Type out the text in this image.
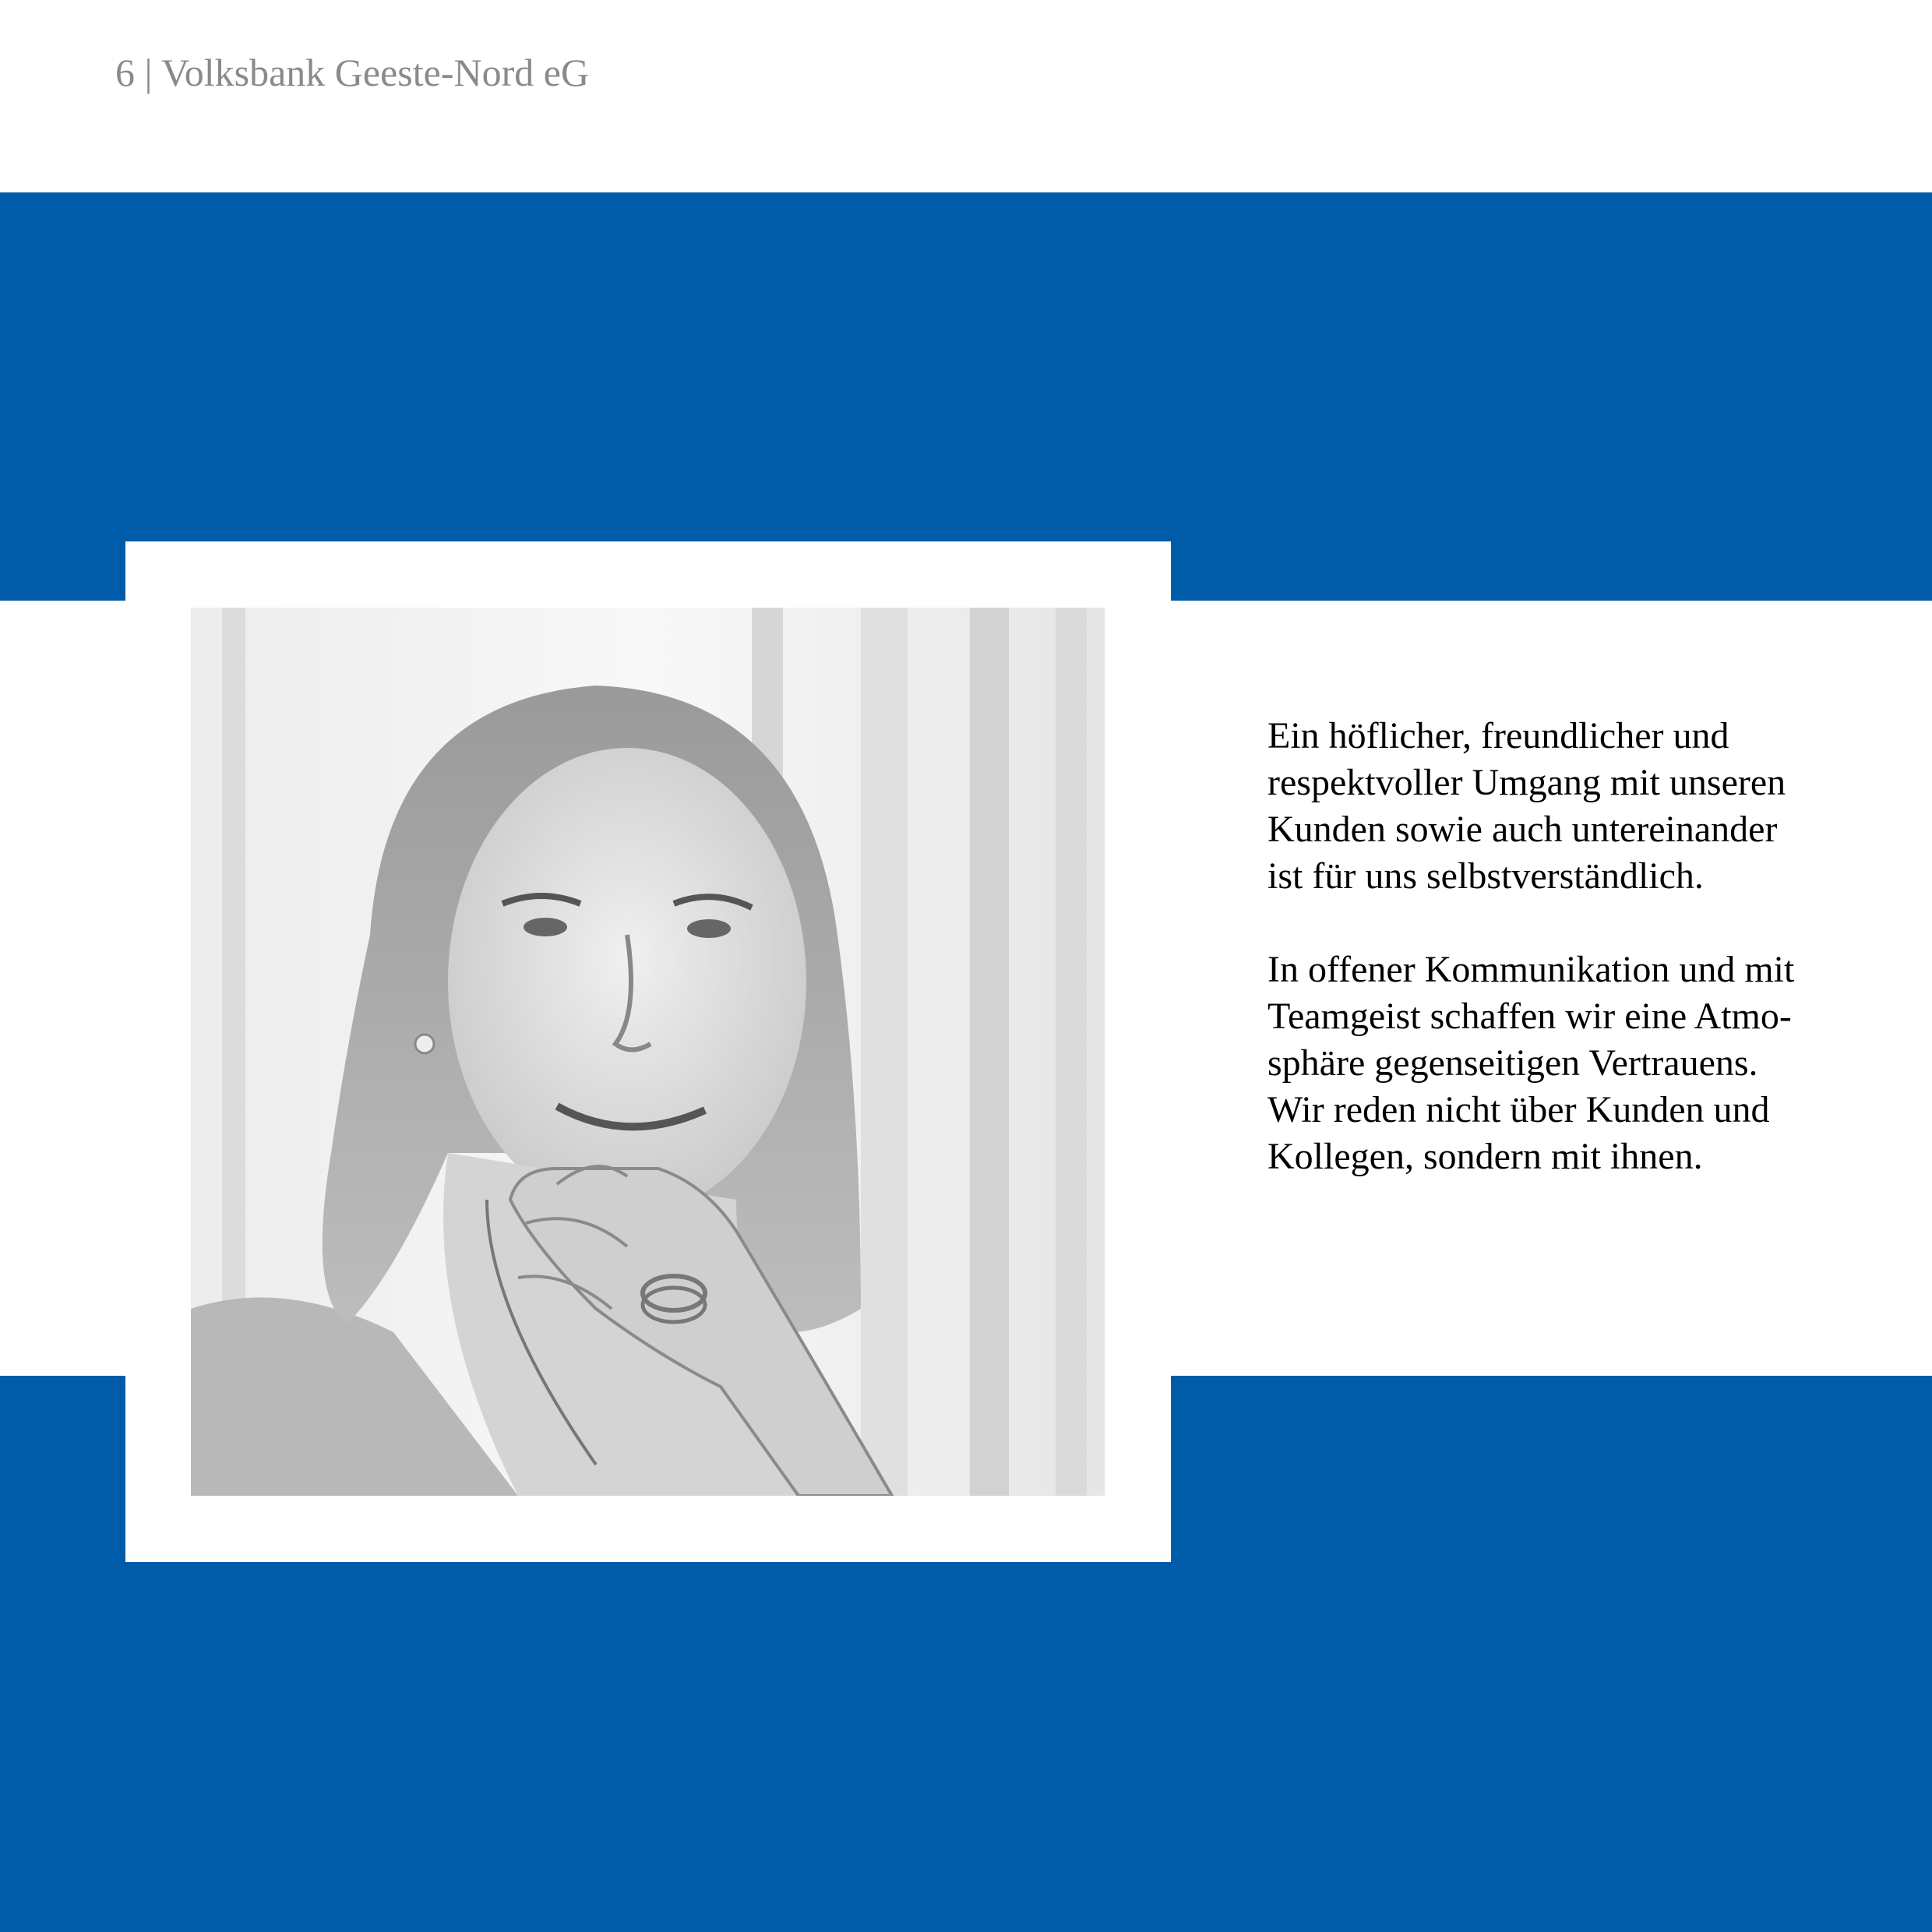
6 | Volksbank Geeste-Nord eG

Ein höflicher, freundlicher und
respektvoller Umgang mit unseren
Kunden sowie auch untereinander
ist für uns selbstverständlich.

In offener Kommunikation und mit
Teamgeist schaffen wir eine Atmo-
sphäre gegenseitigen Vertrauens.
Wir reden nicht über Kunden und
Kollegen, sondern mit ihnen.
